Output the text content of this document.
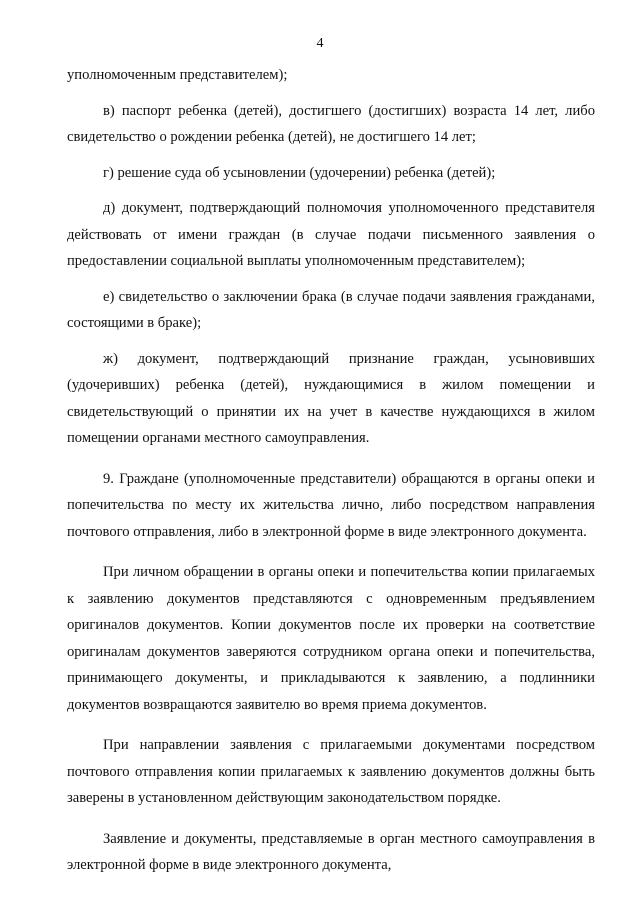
4

уполномоченным представителем);

в) паспорт ребенка (детей), достигшего (достигших) возраста 14 лет, либо свидетельство о рождении ребенка (детей), не достигшего 14 лет;

г) решение суда об усыновлении (удочерении) ребенка (детей);

д) документ, подтверждающий полномочия уполномоченного представителя действовать от имени граждан (в случае подачи письменного заявления о предоставлении социальной выплаты уполномоченным представителем);

е) свидетельство о заключении брака (в случае подачи заявления гражданами, состоящими в браке);

ж) документ, подтверждающий признание граждан, усыновивших (удочеривших) ребенка (детей), нуждающимися в жилом помещении и свидетельствующий о принятии их на учет в качестве нуждающихся в жилом помещении органами местного самоуправления.

9. Граждане (уполномоченные представители) обращаются в органы опеки и попечительства по месту их жительства лично, либо посредством направления почтового отправления, либо в электронной форме в виде электронного документа.

При личном обращении в органы опеки и попечительства копии прилагаемых к заявлению документов представляются с одновременным предъявлением оригиналов документов. Копии документов после их проверки на соответствие оригиналам документов заверяются сотрудником органа опеки и попечительства, принимающего документы, и прикладываются к заявлению, а подлинники документов возвращаются заявителю во время приема документов.

При направлении заявления с прилагаемыми документами посредством почтового отправления копии прилагаемых к заявлению документов должны быть заверены в установленном действующим законодательством порядке.

Заявление и документы, представляемые в орган местного самоуправления в электронной форме в виде электронного документа,
